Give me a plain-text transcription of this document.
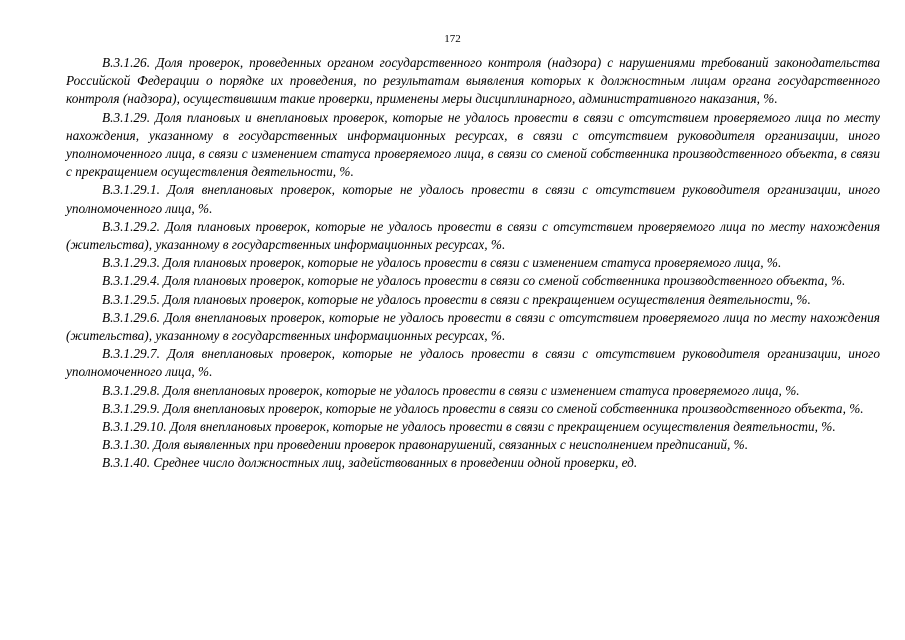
172

В.3.1.26. Доля проверок, проведенных органом государственного контроля (надзора) с нарушениями требований законодательства Российской Федерации о порядке их проведения, по результатам выявления которых к должностным лицам органа государственного контроля (надзора), осуществившим такие проверки, применены меры дисциплинарного, административного наказания, %.

В.3.1.29. Доля плановых и внеплановых проверок, которые не удалось провести в связи с отсутствием проверяемого лица по месту нахождения, указанному в государственных информационных ресурсах, в связи с отсутствием руководителя организации, иного уполномоченного лица, в связи с изменением статуса проверяемого лица, в связи со сменой собственника производственного объекта, в связи с прекращением осуществления деятельности, %.

В.3.1.29.1. Доля внеплановых проверок, которые не удалось провести в связи с отсутствием руководителя организации, иного уполномоченного лица, %.

В.3.1.29.2. Доля плановых проверок, которые не удалось провести в связи с отсутствием проверяемого лица по месту нахождения (жительства), указанному в государственных информационных ресурсах, %.

В.3.1.29.3. Доля плановых проверок, которые не удалось провести в связи с изменением статуса проверяемого лица, %.

В.3.1.29.4. Доля плановых проверок, которые не удалось провести в связи со сменой собственника производственного объекта, %.

В.3.1.29.5. Доля плановых проверок, которые не удалось провести в связи с прекращением осуществления деятельности, %.

В.3.1.29.6. Доля внеплановых проверок, которые не удалось провести в связи с отсутствием проверяемого лица по месту нахождения (жительства), указанному в государственных информационных ресурсах, %.

В.3.1.29.7. Доля внеплановых проверок, которые не удалось провести в связи с отсутствием руководителя организации, иного уполномоченного лица, %.

В.3.1.29.8. Доля внеплановых проверок, которые не удалось провести в связи с изменением статуса проверяемого лица, %.

В.3.1.29.9. Доля внеплановых проверок, которые не удалось провести в связи со сменой собственника производственного объекта, %.

В.3.1.29.10. Доля внеплановых проверок, которые не удалось провести в связи с прекращением осуществления деятельности, %.

В.3.1.30. Доля выявленных при проведении проверок правонарушений, связанных с неисполнением предписаний, %.

В.3.1.40. Среднее число должностных лиц, задействованных в проведении одной проверки, ед.
